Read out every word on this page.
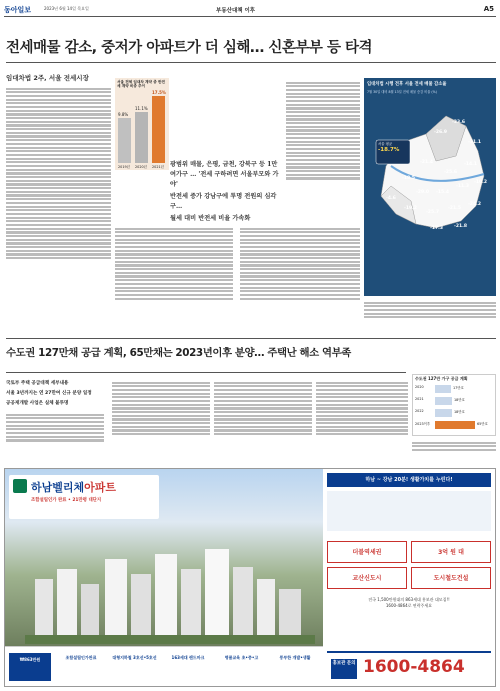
동아일보	2023년 6월 14일 목요일	부동산대책 이후	A5
전세매물 감소, 중저가 아파트가 더 심해… 신혼부부 등 타격
임대차법 2주, 서울 전세시장	서울 전체 임대차 계약 중 반전세 계약 비중 추이
9.8%
11.1%
17.5%
2019년 2020년 2021년 광범위 매물, 은평, 금천, 강북구 등 1만여가구 … '전세 구하려면 서울부모와 가야'
반전세 증가 강남구에 투명 전원의 심각 구…
월세 대비 반전세 비율 가속화
임대차법 시행 전후 서울 전세 매물 감소율
7월 30일 대비 8월 13일 전세 매물 증감 비율 (%)
서울 평균
-18.7%
-26.9
-33.6
-31.1
-21.4
-25.6
-14.1
-18.5
-29.0 -15.4
-11.3
-10.2
-4.6
-19.2
-25.7
-21.5
-24.2
-17.3 -21.8
수도권 127만채 공급 계획, 65만채는 2023년이후 분양… 주택난 해소 역부족
국토부 주택 공급대책 세부내용
서울 3년까지는 연 27만여 신규 분양 일정
공공재개발 사업은 실체 불투명
수도권 127만 가구 공급 계획
2020	17만호
2021	18만호
2022	18만호
2023이후	65만호
하남벨리체아파트
조합설립인가 완료 • 21만평 대단지
₩863만원	조합설립인가완료	대형지하철 3호선•5호선	163세대 랜드마크	명품교육 초•중•고	풍부한 개발•생활
하남 ~ 강남 20분! 생활가치를 누린다!
더블역세권	3억 원 대
교산신도시	도시철도건설
전국 1,500만원대의 863세대 홍보관 대모집!!
1600-4864로 연락주세요
홍보관 문의 1600-4864
